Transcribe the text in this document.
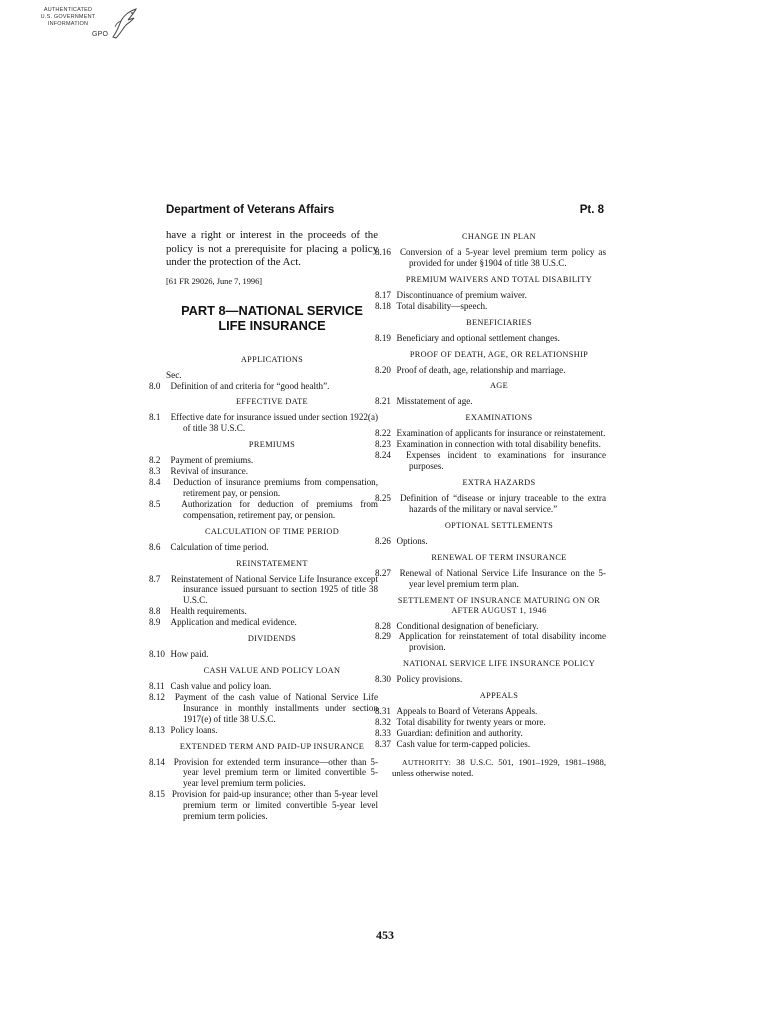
AUTHENTICATED
U.S. GOVERNMENT
INFORMATION
GPO
Department of Veterans Affairs	Pt. 8

have a right or interest in the proceeds of the policy is not a prerequisite for placing a policy under the protection of the Act.

[61 FR 29026, June 7, 1996]

PART 8—NATIONAL SERVICE LIFE INSURANCE
APPLICATIONS

Sec.

8.0 Definition of and criteria for “good health”.

EFFECTIVE DATE

8.1 Effective date for insurance issued under section 1922(a) of title 38 U.S.C.

PREMIUMS

8.2 Payment of premiums.

8.3 Revival of insurance.

8.4 Deduction of insurance premiums from compensation, retirement pay, or pension.

8.5 Authorization for deduction of premiums from compensation, retirement pay, or pension.

CALCULATION OF TIME PERIOD

8.6 Calculation of time period.

REINSTATEMENT

8.7 Reinstatement of National Service Life Insurance except insurance issued pursuant to section 1925 of title 38 U.S.C.

8.8 Health requirements.

8.9 Application and medical evidence.

DIVIDENDS

8.10 How paid.

CASH VALUE AND POLICY LOAN

8.11 Cash value and policy loan.

8.12 Payment of the cash value of National Service Life Insurance in monthly installments under section 1917(e) of title 38 U.S.C.

8.13 Policy loans.

EXTENDED TERM AND PAID-UP INSURANCE

8.14 Provision for extended term insurance—other than 5-year level premium term or limited convertible 5-year level premium term policies.

8.15 Provision for paid-up insurance; other than 5-year level premium term or limited convertible 5-year level premium term policies.

CHANGE IN PLAN

8.16 Conversion of a 5-year level premium term policy as provided for under §1904 of title 38 U.S.C.

PREMIUM WAIVERS AND TOTAL DISABILITY

8.17 Discontinuance of premium waiver.

8.18 Total disability—speech.

BENEFICIARIES

8.19 Beneficiary and optional settlement changes.

PROOF OF DEATH, AGE, OR RELATIONSHIP

8.20 Proof of death, age, relationship and marriage.

AGE

8.21 Misstatement of age.

EXAMINATIONS

8.22 Examination of applicants for insurance or reinstatement.

8.23 Examination in connection with total disability benefits.

8.24 Expenses incident to examinations for insurance purposes.

EXTRA HAZARDS

8.25 Definition of “disease or injury traceable to the extra hazards of the military or naval service.”

OPTIONAL SETTLEMENTS

8.26 Options.

RENEWAL OF TERM INSURANCE

8.27 Renewal of National Service Life Insurance on the 5-year level premium term plan.

SETTLEMENT OF INSURANCE MATURING ON OR AFTER AUGUST 1, 1946

8.28 Conditional designation of beneficiary.

8.29 Application for reinstatement of total disability income provision.

NATIONAL SERVICE LIFE INSURANCE POLICY

8.30 Policy provisions.

APPEALS

8.31 Appeals to Board of Veterans Appeals.

8.32 Total disability for twenty years or more.

8.33 Guardian: definition and authority.

8.37 Cash value for term-capped policies.

AUTHORITY: 38 U.S.C. 501, 1901–1929, 1981–1988, unless otherwise noted.

453
